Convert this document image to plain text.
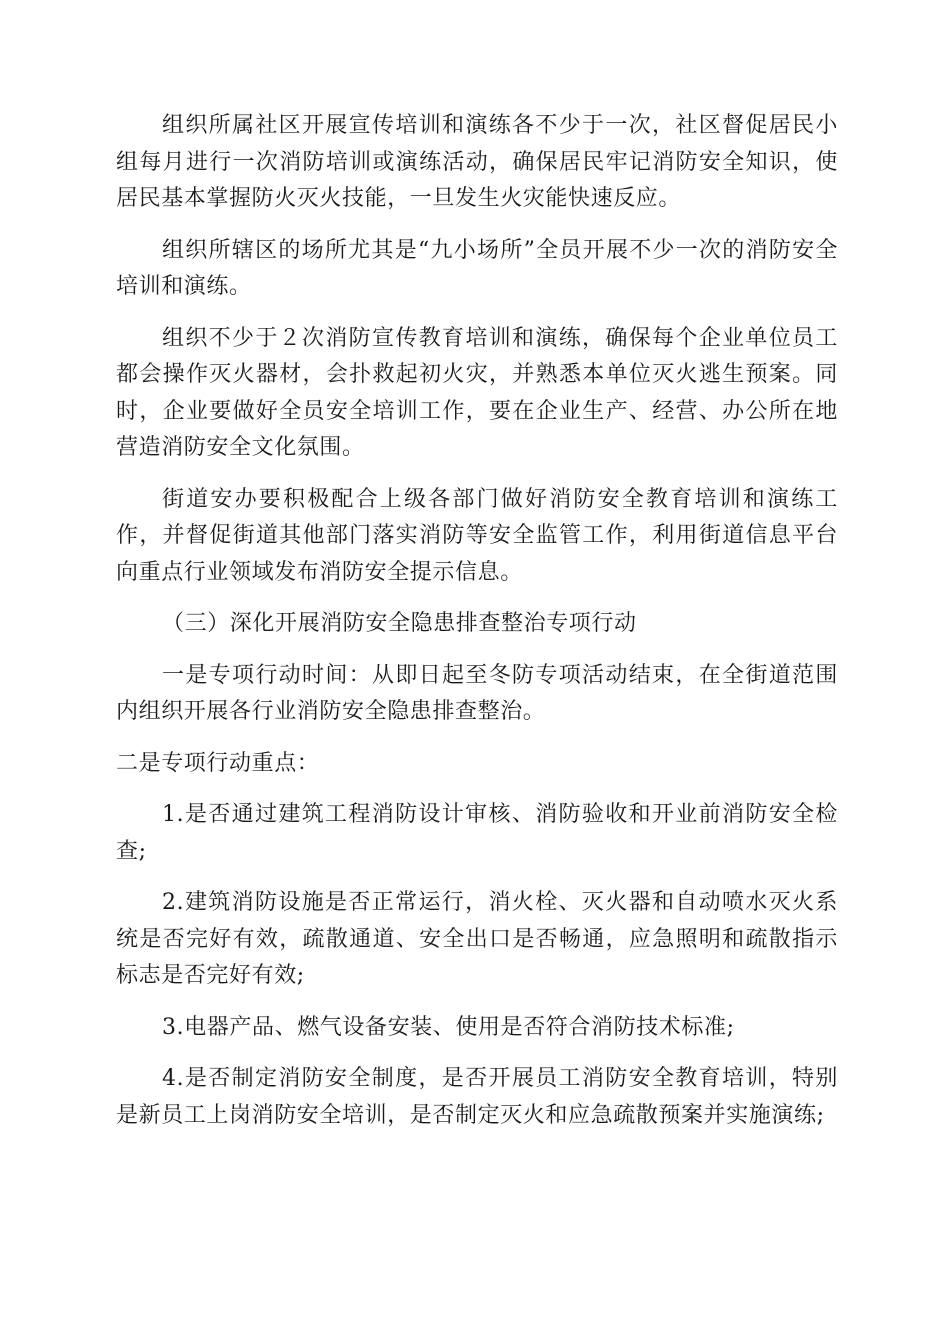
组织所属社区开展宣传培训和演练各不少于一次，社区督促居民小组每月进行一次消防培训或演练活动，确保居民牢记消防安全知识，使居民基本掌握防火灭火技能，一旦发生火灾能快速反应。

组织所辖区的场所尤其是“九小场所”全员开展不少一次的消防安全培训和演练。

组织不少于２次消防宣传教育培训和演练，确保每个企业单位员工都会操作灭火器材，会扑救起初火灾，并熟悉本单位灭火逃生预案。同时，企业要做好全员安全培训工作，要在企业生产、经营、办公所在地营造消防安全文化氛围。

街道安办要积极配合上级各部门做好消防安全教育培训和演练工作，并督促街道其他部门落实消防等安全监管工作，利用街道信息平台向重点行业领域发布消防安全提示信息。

（三）深化开展消防安全隐患排查整治专项行动

一是专项行动时间：从即日起至冬防专项活动结束，在全街道范围内组织开展各行业消防安全隐患排查整治。

二是专项行动重点：

1.是否通过建筑工程消防设计审核、消防验收和开业前消防安全检查;

2.建筑消防设施是否正常运行，消火栓、灭火器和自动喷水灭火系统是否完好有效，疏散通道、安全出口是否畅通，应急照明和疏散指示标志是否完好有效;

3.电器产品、燃气设备安装、使用是否符合消防技术标准;

4.是否制定消防安全制度，是否开展员工消防安全教育培训，特别是新员工上岗消防安全培训，是否制定灭火和应急疏散预案并实施演练;
